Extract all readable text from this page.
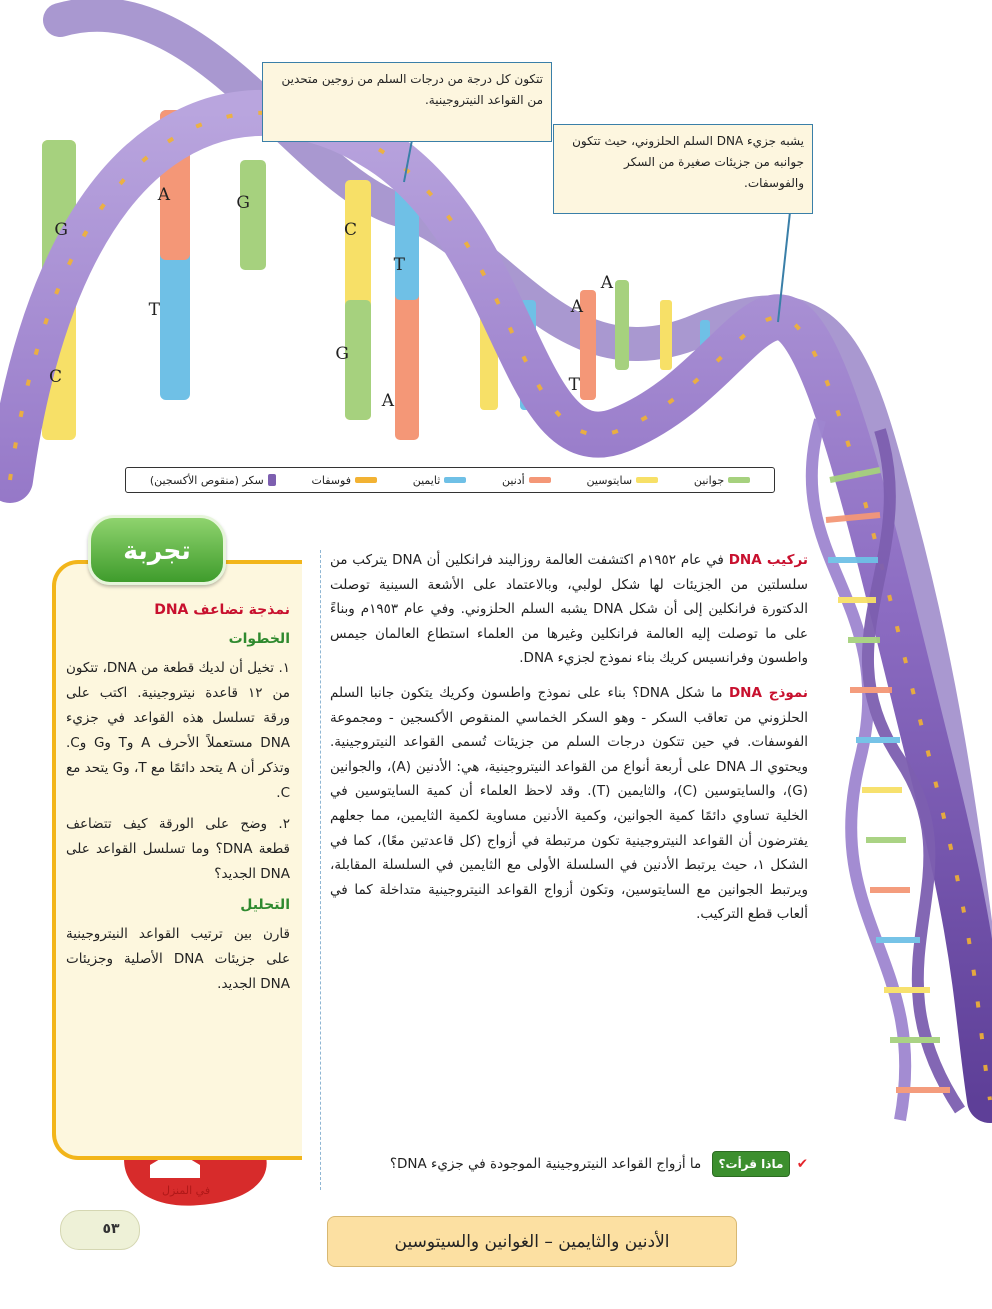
G
A	G
T
C
C
T
G
A
A
A
T
تتكون كل درجة من درجات السلم من زوجين متحدين من القواعد النيتروجينية.
يشبه جزيء DNA السلم الحلزوني، حيث تتكون جوانبه من جزيئات صغيرة من السكر والفوسفات.
جوانين
سايتوسين
أدنين
ثايمين
فوسفات
سكر (منقوص الأكسجين)
تجربة
نمذجة تضاعف DNA
الخطوات

١. تخيل أن لديك قطعة من DNA، تتكون من ١٢ قاعدة نيتروجينية. اكتب على ورقة تسلسل هذه القواعد في جزيء DNA مستعملاً الأحرف A وT وG وC. وتذكر أن A يتحد دائمًا مع T، وG يتحد مع C.

٢. وضح على الورقة كيف تتضاعف قطعة DNA؟ وما تسلسل القواعد على DNA الجديد؟

التحليل

قارن بين ترتيب القواعد النيتروجينية على جزيئات DNA الأصلية وجزيئات DNA الجديد.

في المنزل

تركيب DNA في عام ١٩٥٢م اكتشفت العالمة روزاليند فرانكلين أن DNA يتركب من سلسلتين من الجزيئات لها شكل لولبي، وبالاعتماد على الأشعة السينية توصلت الدكتورة فرانكلين إلى أن شكل DNA يشبه السلم الحلزوني. وفي عام ١٩٥٣م وبناءً على ما توصلت إليه العالمة فرانكلين وغيرها من العلماء استطاع العالمان جيمس واطسون وفرانسيس كريك بناء نموذج لجزيء DNA.

نموذج DNA ما شكل DNA؟ بناء على نموذج واطسون وكريك يتكون جانبا السلم الحلزوني من تعاقب السكر - وهو السكر الخماسي المنقوص الأكسجين - ومجموعة الفوسفات. في حين تتكون درجات السلم من جزيئات تُسمى القواعد النيتروجينية. ويحتوي الـ DNA على أربعة أنواع من القواعد النيتروجينية، هي: الأدنين (A)، والجوانين (G)، والسايتوسين (C)، والثايمين (T). وقد لاحظ العلماء أن كمية السايتوسين في الخلية تساوي دائمًا كمية الجوانين، وكمية الأدنين مساوية لكمية الثايمين، مما جعلهم يفترضون أن القواعد النيتروجينية تكون مرتبطة في أزواج (كل قاعدتين معًا)، كما في الشكل ١، حيث يرتبط الأدنين في السلسلة الأولى مع الثايمين في السلسلة المقابلة، ويرتبط الجوانين مع السايتوسين، وتكون أزواج القواعد النيتروجينية متداخلة كما في ألعاب قطع التركيب.

✔ ماذا قرأت؟ ما أزواج القواعد النيتروجينية الموجودة في جزيء DNA؟
٥٣
الأدنين والثايمين – الغوانين والسيتوسين
